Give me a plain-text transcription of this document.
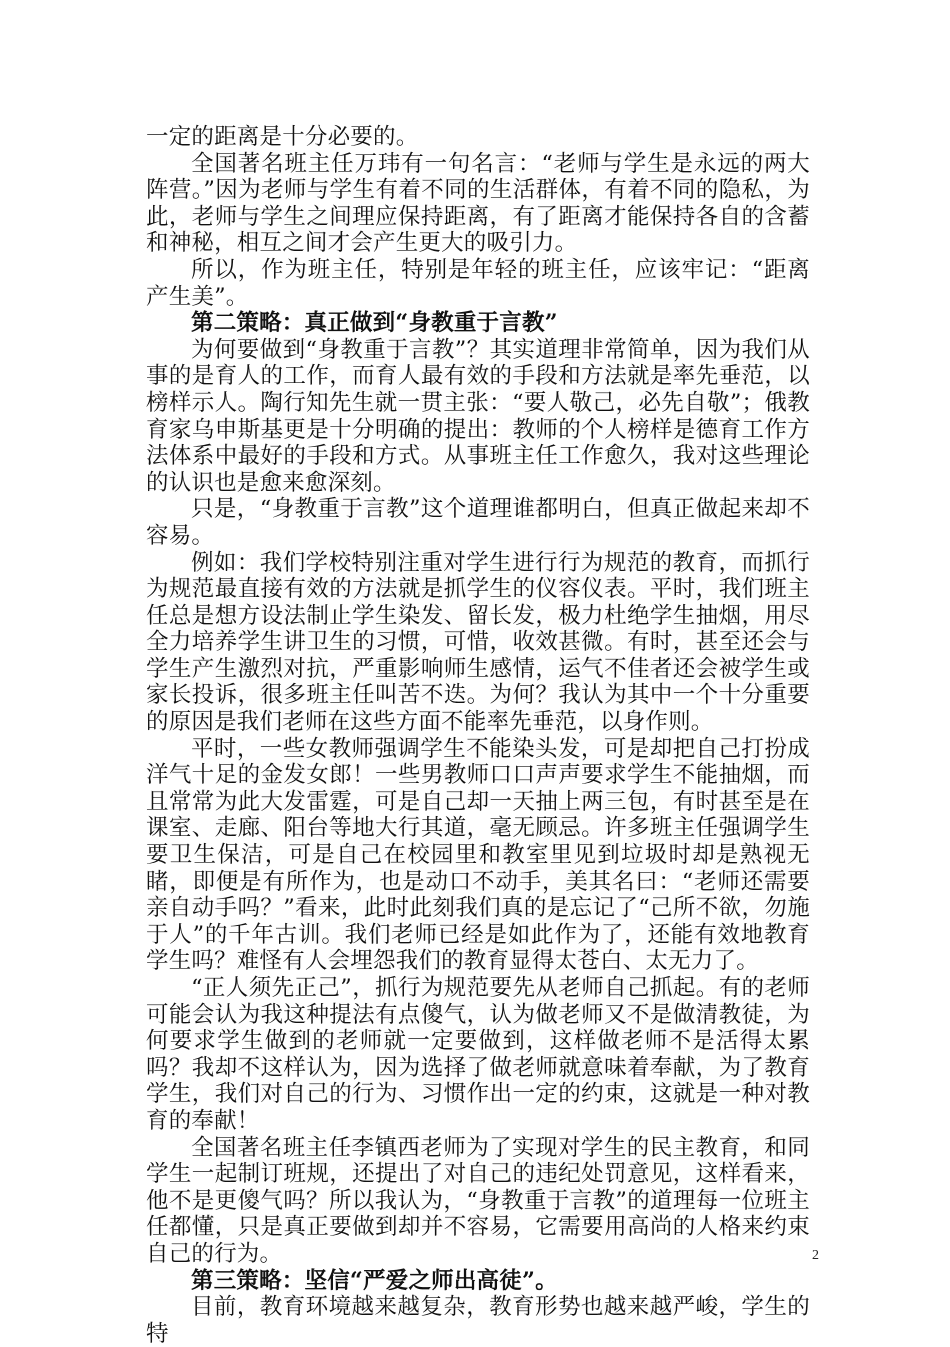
一定的距离是十分必要的。

全国著名班主任万玮有一句名言：“老师与学生是永远的两大阵营。”因为老师与学生有着不同的生活群体，有着不同的隐私，为此，老师与学生之间理应保持距离，有了距离才能保持各自的含蓄和神秘，相互之间才会产生更大的吸引力。

所以，作为班主任，特别是年轻的班主任，应该牢记：“距离产生美”。

第二策略：真正做到“身教重于言教”

为何要做到“身教重于言教”？其实道理非常简单，因为我们从事的是育人的工作，而育人最有效的手段和方法就是率先垂范，以榜样示人。陶行知先生就一贯主张：“要人敬己，必先自敬”；俄教育家乌申斯基更是十分明确的提出：教师的个人榜样是德育工作方法体系中最好的手段和方式。从事班主任工作愈久，我对这些理论的认识也是愈来愈深刻。

只是，“身教重于言教”这个道理谁都明白，但真正做起来却不容易。

例如：我们学校特别注重对学生进行行为规范的教育，而抓行为规范最直接有效的方法就是抓学生的仪容仪表。平时，我们班主任总是想方设法制止学生染发、留长发，极力杜绝学生抽烟，用尽全力培养学生讲卫生的习惯，可惜，收效甚微。有时，甚至还会与学生产生激烈对抗，严重影响师生感情，运气不佳者还会被学生或家长投诉，很多班主任叫苦不迭。为何？我认为其中一个十分重要的原因是我们老师在这些方面不能率先垂范，以身作则。

平时，一些女教师强调学生不能染头发，可是却把自己打扮成洋气十足的金发女郎！一些男教师口口声声要求学生不能抽烟，而且常常为此大发雷霆，可是自己却一天抽上两三包，有时甚至是在课室、走廊、阳台等地大行其道，毫无顾忌。许多班主任强调学生要卫生保洁，可是自己在校园里和教室里见到垃圾时却是熟视无睹，即便是有所作为，也是动口不动手，美其名曰：“老师还需要亲自动手吗？”看来，此时此刻我们真的是忘记了“己所不欲，勿施于人”的千年古训。我们老师已经是如此作为了，还能有效地教育学生吗？难怪有人会埋怨我们的教育显得太苍白、太无力了。

“正人须先正己”，抓行为规范要先从老师自己抓起。有的老师可能会认为我这种提法有点傻气，认为做老师又不是做清教徒，为何要求学生做到的老师就一定要做到，这样做老师不是活得太累吗？我却不这样认为，因为选择了做老师就意味着奉献，为了教育学生，我们对自己的行为、习惯作出一定的约束，这就是一种对教育的奉献！

全国著名班主任李镇西老师为了实现对学生的民主教育，和同学生一起制订班规，还提出了对自己的违纪处罚意见，这样看来，他不是更傻气吗？所以我认为，“身教重于言教”的道理每一位班主任都懂，只是真正要做到却并不容易，它需要用高尚的人格来约束自己的行为。

第三策略：坚信“严爱之师出高徒”。

目前，教育环境越来越复杂，教育形势也越来越严峻，学生的特

2
